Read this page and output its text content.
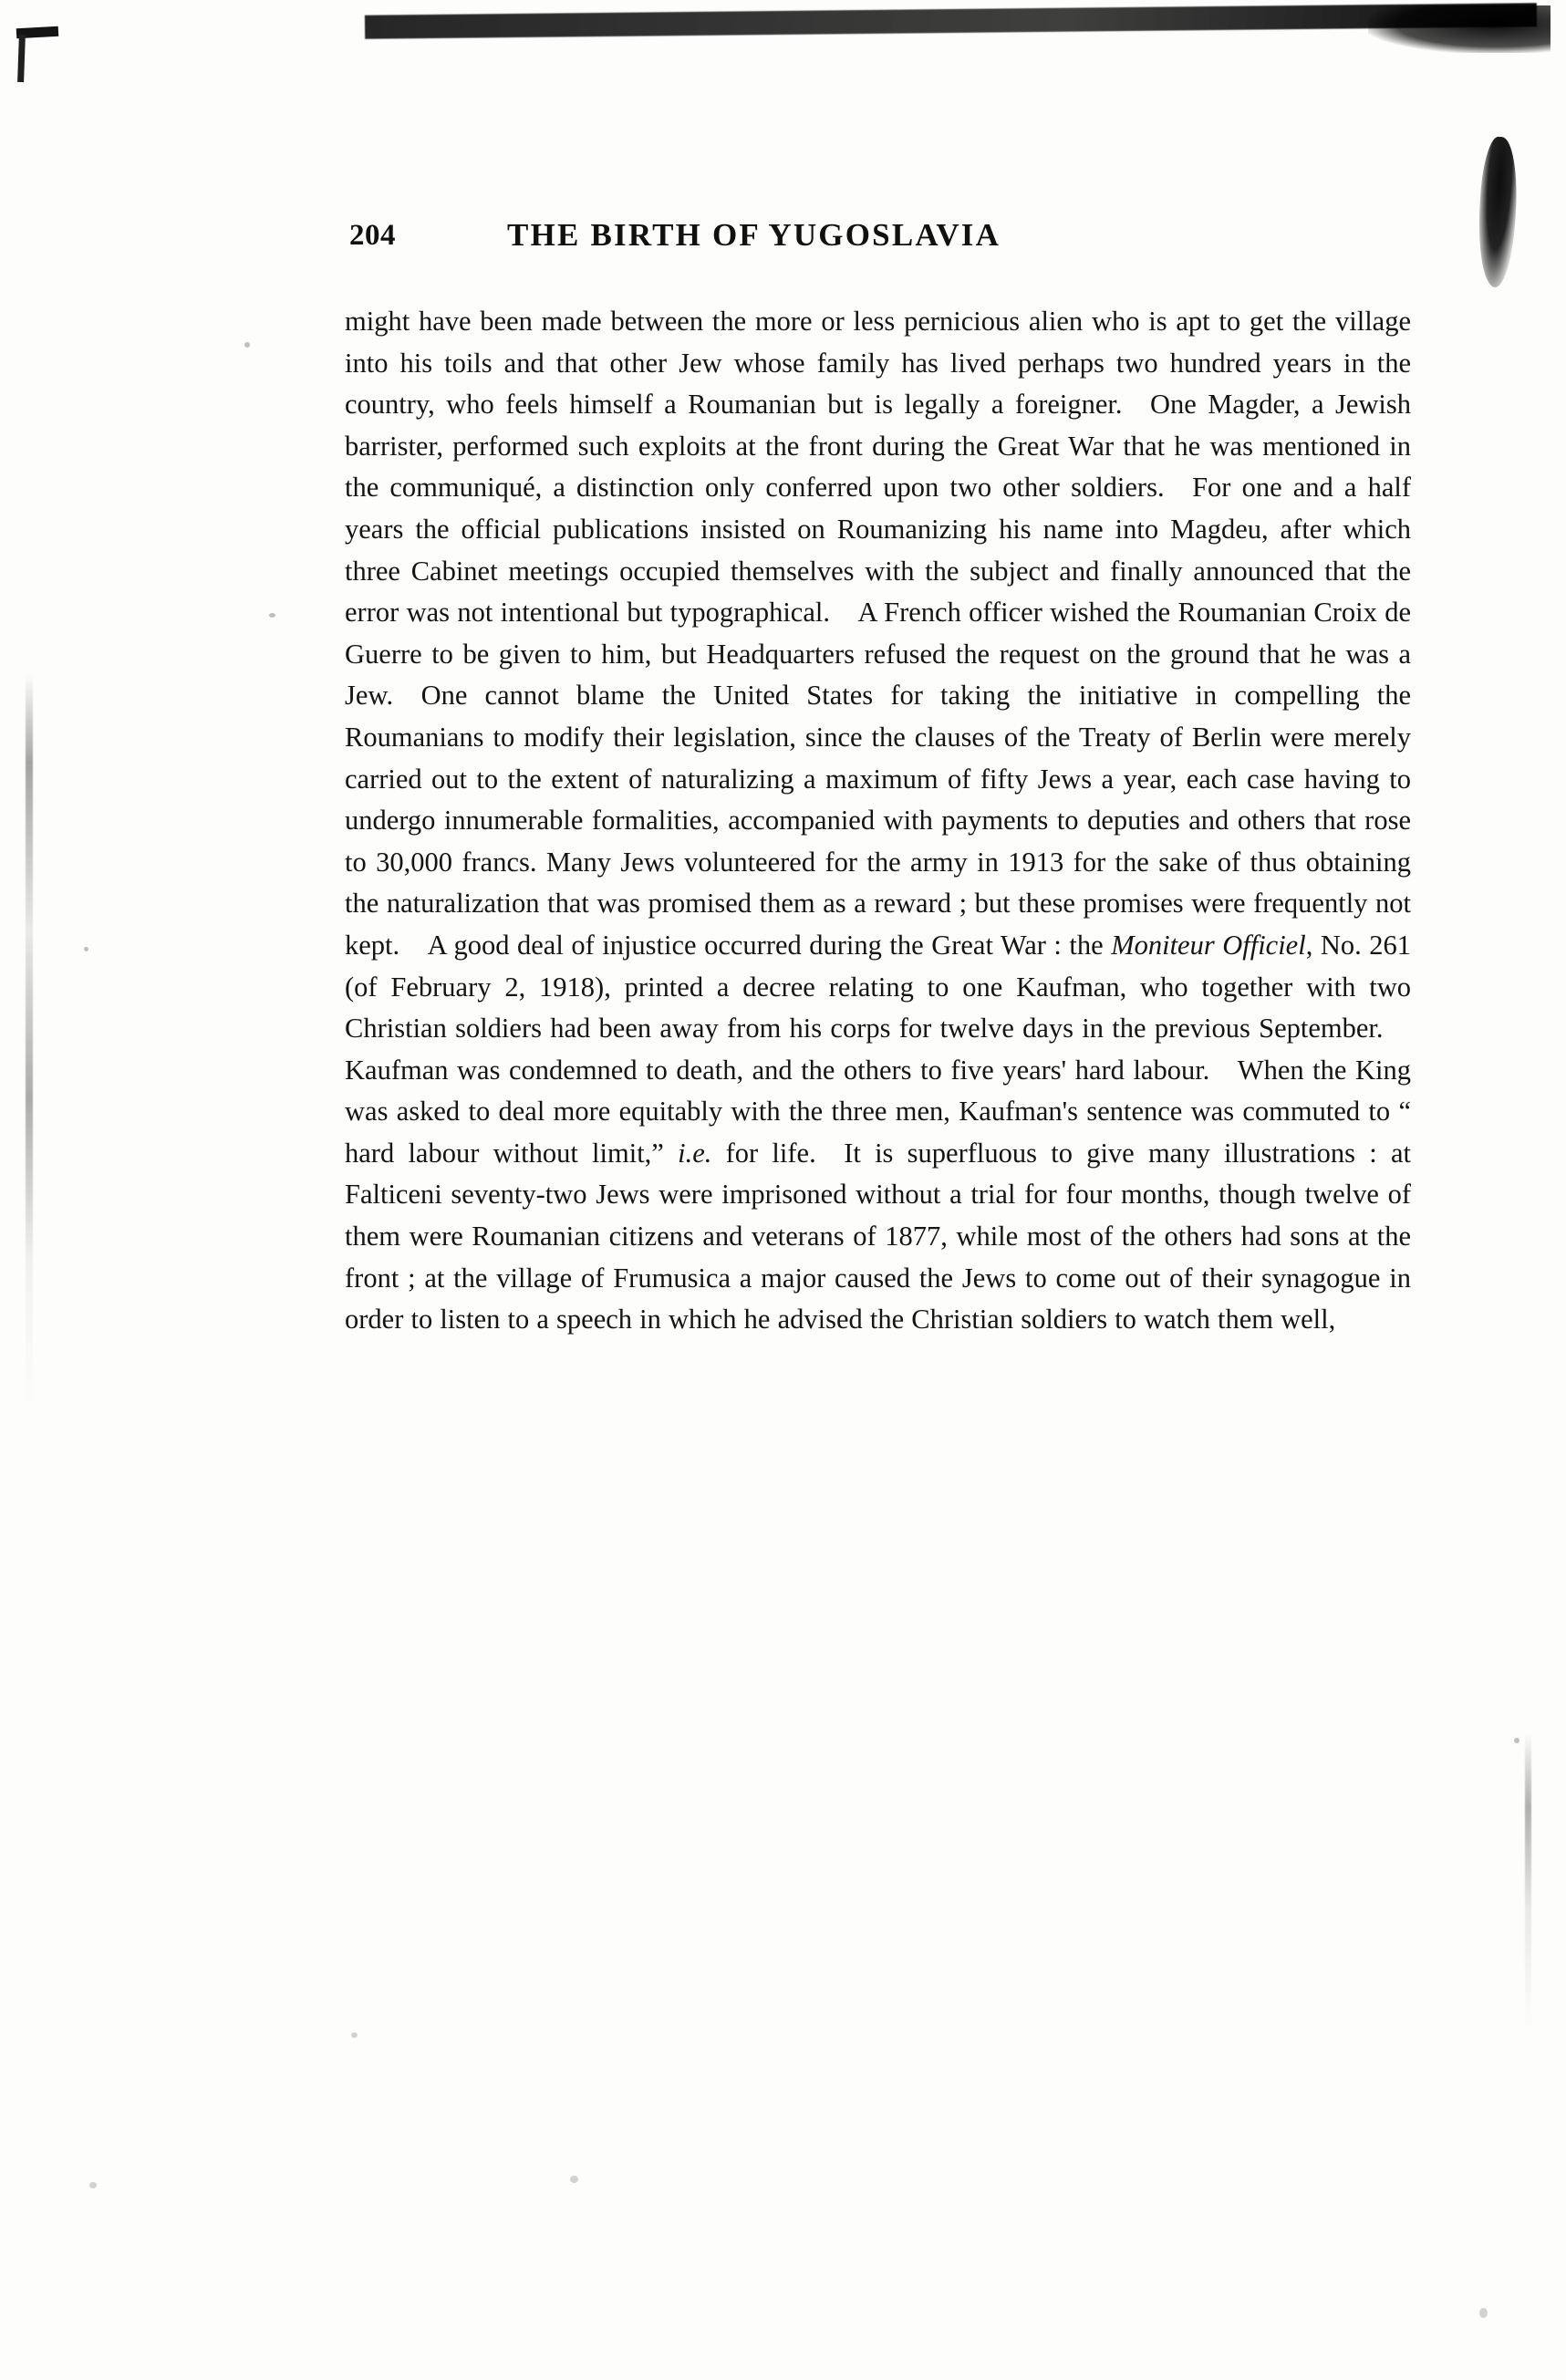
204	THE BIRTH OF YUGOSLAVIA

might have been made between the more or less pernicious alien who is apt to get the village into his toils and that other Jew whose family has lived perhaps two hundred years in the country, who feels himself a Roumanian but is legally a foreigner. One Magder, a Jewish barrister, performed such exploits at the front during the Great War that he was mentioned in the communiqué, a distinction only conferred upon two other soldiers. For one and a half years the official publications insisted on Roumanizing his name into Magdeu, after which three Cabinet meetings occupied themselves with the subject and finally announced that the error was not intentional but typographical. A French officer wished the Roumanian Croix de Guerre to be given to him, but Headquarters refused the request on the ground that he was a Jew. One cannot blame the United States for taking the initiative in compelling the Roumanians to modify their legislation, since the clauses of the Treaty of Berlin were merely carried out to the extent of naturalizing a maximum of fifty Jews a year, each case having to undergo innumerable formalities, accompanied with payments to deputies and others that rose to 30,000 francs. Many Jews volunteered for the army in 1913 for the sake of thus obtaining the naturalization that was promised them as a reward ; but these promises were frequently not kept. A good deal of injustice occurred during the Great War : the Moniteur Officiel, No. 261 (of February 2, 1918), printed a decree relating to one Kaufman, who together with two Christian soldiers had been away from his corps for twelve days in the previous September. Kaufman was condemned to death, and the others to five years' hard labour. When the King was asked to deal more equitably with the three men, Kaufman's sentence was commuted to “ hard labour without limit,” i.e. for life. It is superfluous to give many illustrations : at Falticeni seventy-two Jews were imprisoned without a trial for four months, though twelve of them were Roumanian citizens and veterans of 1877, while most of the others had sons at the front ; at the village of Frumusica a major caused the Jews to come out of their synagogue in order to listen to a speech in which he advised the Christian soldiers to watch them well,
